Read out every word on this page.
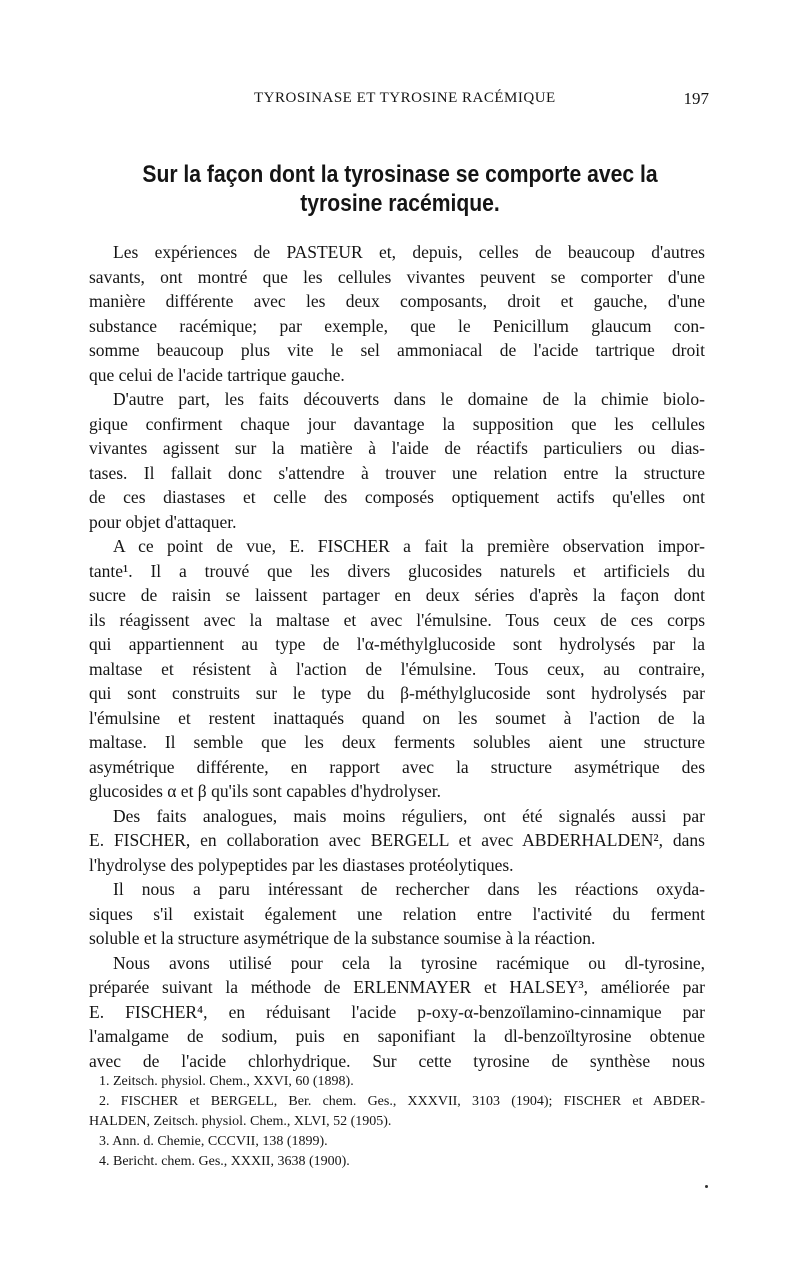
TYROSINASE ET TYROSINE RACÉMIQUE	197
Sur la façon dont la tyrosinase se comporte avec la
tyrosine racémique.
Les expériences de PASTEUR et, depuis, celles de beaucoup d'autres
savants, ont montré que les cellules vivantes peuvent se comporter d'une
manière différente avec les deux composants, droit et gauche, d'une
substance racémique; par exemple, que le Penicillum glaucum con-
somme beaucoup plus vite le sel ammoniacal de l'acide tartrique droit
que celui de l'acide tartrique gauche.
D'autre part, les faits découverts dans le domaine de la chimie biolo-
gique confirment chaque jour davantage la supposition que les cellules
vivantes agissent sur la matière à l'aide de réactifs particuliers ou dias-
tases. Il fallait donc s'attendre à trouver une relation entre la structure
de ces diastases et celle des composés optiquement actifs qu'elles ont
pour objet d'attaquer.
A ce point de vue, E. FISCHER a fait la première observation impor-
tante¹. Il a trouvé que les divers glucosides naturels et artificiels du
sucre de raisin se laissent partager en deux séries d'après la façon dont
ils réagissent avec la maltase et avec l'émulsine. Tous ceux de ces corps
qui appartiennent au type de l'α-méthylglucoside sont hydrolysés par la
maltase et résistent à l'action de l'émulsine. Tous ceux, au contraire,
qui sont construits sur le type du β-méthylglucoside sont hydrolysés par
l'émulsine et restent inattaqués quand on les soumet à l'action de la
maltase. Il semble que les deux ferments solubles aient une structure
asymétrique différente, en rapport avec la structure asymétrique des
glucosides α et β qu'ils sont capables d'hydrolyser.
Des faits analogues, mais moins réguliers, ont été signalés aussi par
E. FISCHER, en collaboration avec BERGELL et avec ABDERHALDEN², dans
l'hydrolyse des polypeptides par les diastases protéolytiques.
Il nous a paru intéressant de rechercher dans les réactions oxyda-
siques s'il existait également une relation entre l'activité du ferment
soluble et la structure asymétrique de la substance soumise à la réaction.
Nous avons utilisé pour cela la tyrosine racémique ou dl-tyrosine,
préparée suivant la méthode de ERLENMAYER et HALSEY³, améliorée par
E. FISCHER⁴, en réduisant l'acide p-oxy-α-benzoïlamino-cinnamique par
l'amalgame de sodium, puis en saponifiant la dl-benzoïltyrosine obtenue
avec de l'acide chlorhydrique. Sur cette tyrosine de synthèse nous
1. Zeitsch. physiol. Chem., XXVI, 60 (1898).
2. FISCHER et BERGELL, Ber. chem. Ges., XXXVII, 3103 (1904); FISCHER et ABDER-
HALDEN, Zeitsch. physiol. Chem., XLVI, 52 (1905).
3. Ann. d. Chemie, CCCVII, 138 (1899).
4. Bericht. chem. Ges., XXXII, 3638 (1900).
